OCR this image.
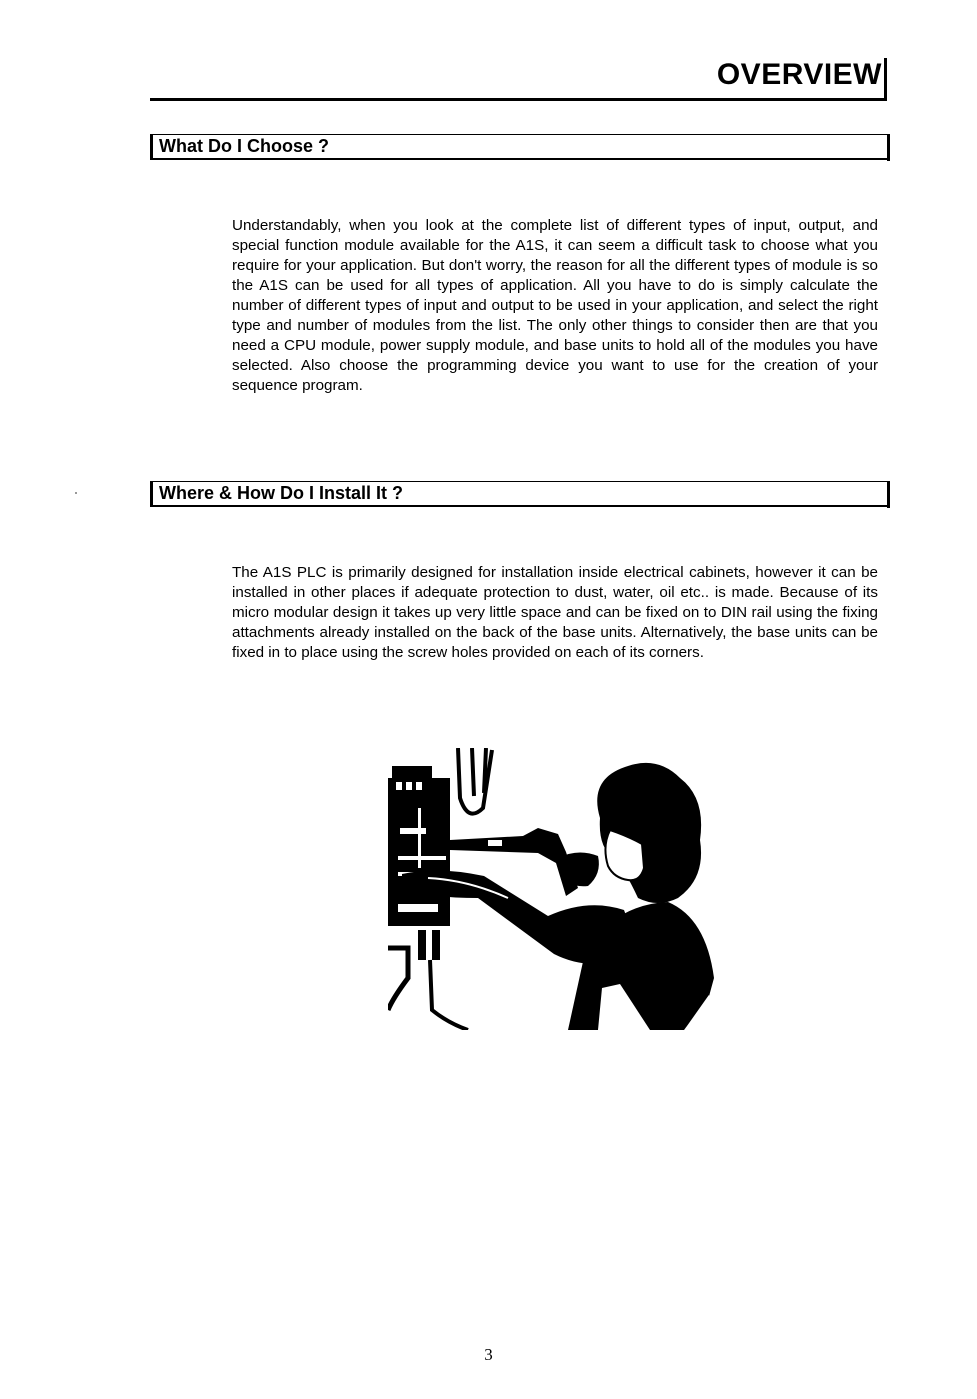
OVERVIEW
What Do I Choose ?
Understandably, when you look at the complete list of different types of input, output, and special function module available for the A1S, it can seem a difficult task to choose what you require for your application. But don't worry, the reason for all the different types of module is so the A1S can be used for all types of application. All you have to do is simply calculate the number of different types of input and output to be used in your application, and select the right type and number of modules from the list. The only other things to consider then are that you need a CPU module, power supply module, and base units to hold all of the modules you have selected. Also choose the programming device you want to use for the creation of your sequence program.
Where & How Do I Install It ?
The A1S PLC is primarily designed for installation inside electrical cabinets, however it can be installed in other places if adequate protection to dust, water, oil etc.. is made. Because of its micro modular design it takes up very little space and can be fixed on to DIN rail using the fixing attachments already installed on the back of the base units. Alternatively, the base units can be fixed in to place using the screw holes provided on each of its corners.
3
